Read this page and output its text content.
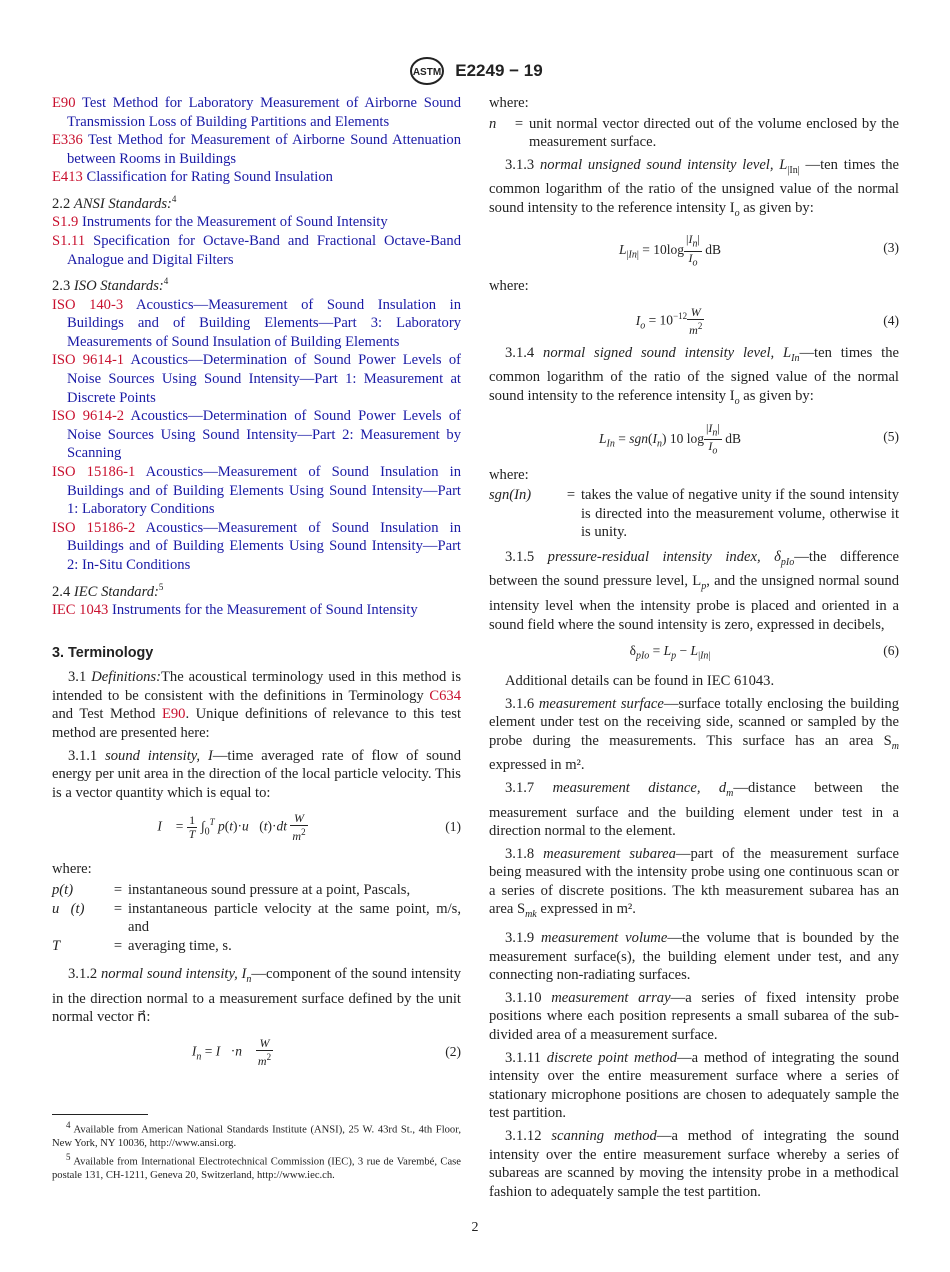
ASTM E2249 − 19

E90 Test Method for Laboratory Measurement of Airborne Sound Transmission Loss of Building Partitions and Elements

E336 Test Method for Measurement of Airborne Sound Attenuation between Rooms in Buildings

E413 Classification for Rating Sound Insulation

2.2 ANSI Standards:$^4$

S1.9 Instruments for the Measurement of Sound Intensity

S1.11 Specification for Octave-Band and Fractional Octave-Band Analogue and Digital Filters

2.3 ISO Standards:$^4$

ISO 140-3 Acoustics—Measurement of Sound Insulation in Buildings and of Building Elements—Part 3: Laboratory Measurements of Sound Insulation of Building Elements

ISO 9614-1 Acoustics—Determination of Sound Power Levels of Noise Sources Using Sound Intensity—Part 1: Measurement at Discrete Points

ISO 9614-2 Acoustics—Determination of Sound Power Levels of Noise Sources Using Sound Intensity—Part 2: Measurement by Scanning

ISO 15186-1 Acoustics—Measurement of Sound Insulation in Buildings and of Building Elements Using Sound Intensity—Part 1: Laboratory Conditions

ISO 15186-2 Acoustics—Measurement of Sound Insulation in Buildings and of Building Elements Using Sound Intensity—Part 2: In-Situ Conditions

2.4 IEC Standard:$^5$

IEC 1043 Instruments for the Measurement of Sound Intensity

3. Terminology

3.1 Definitions:The acoustical terminology used in this method is intended to be consistent with the definitions in Terminology C634 and Test Method E90. Unique definitions of relevance to this test method are presented here:

3.1.1 sound intensity, I—time averaged rate of flow of sound energy per unit area in the direction of the local particle velocity. This is a vector quantity which is equal to:

I⃗ = $\frac{1}{T} \int_0^T$ p(t)·u⃗(t)·dt $\frac{W}{m^2}$	(1)

where:

p(t)	=	instantaneous sound pressure at a point, Pascals,
u⃗(t)	=	instantaneous particle velocity at the same point, m/s, and
T	=	averaging time, s.

3.1.2 normal sound intensity, $I_n—component$ of the sound intensity in the direction normal to a measurement surface defined by the unit normal vector n⃗:

$I_n$ = I⃗·n⃗ $\frac{W}{m^2}$	(2)

$^4$ Available from American National Standards Institute (ANSI), 25 W. 43rd St., 4th Floor, New York, NY 10036, http://www.ansi.org.

$^5$ Available from International Electrotechnical Commission (IEC), 3 rue de Varembé, Case postale 131, CH-1211, Geneva 20, Switzerland, http://www.iec.ch.

where:

n⃗	=	unit normal vector directed out of the volume enclosed by the measurement surface.

3.1.3 normal unsigned sound intensity level, $L_{|In|}$ —ten times the common logarithm of the ratio of the unsigned value of the normal sound intensity to the reference intensity $I_o$ as given by:

$L_{|In|} = 10\log \frac{|I_n|}{I_o}$ dB	(3)

where:

$I_o = 10^{-12} \frac{W}{m^2}$	(4)

3.1.4 normal signed sound intensity level, $L_{In}—ten$ times the common logarithm of the ratio of the signed value of the normal sound intensity to the reference intensity $I_o$ as given by:

$L_{In} = sgn(I_n)$ 10 $\log \frac{|I_n|}{I_o}$ dB	(5)

where:

sgn(In)	=	takes the value of negative unity if the sound intensity is directed into the measurement volume, otherwise it is unity.

3.1.5 pressure-residual intensity index, $\delta_{pIo}—the$ difference between the sound pressure level, $L_p$, and the unsigned normal sound intensity level when the intensity probe is placed and oriented in a sound field where the sound intensity is zero, expressed in decibels,

$\delta_{pIo} = L_p - L_{|In|}$	(6)

Additional details can be found in IEC 61043.

3.1.6 measurement surface—surface totally enclosing the building element under test on the receiving side, scanned or sampled by the probe during the measurements. This surface has an area $S_m$ expressed in m².

3.1.7 measurement distance, $d_m—distance$ between the measurement surface and the building element under test in a direction normal to the element.

3.1.8 measurement subarea—part of the measurement surface being measured with the intensity probe using one continuous scan or a series of discrete positions. The kth measurement subarea has an area $S_{mk}$ expressed in m².

3.1.9 measurement volume—the volume that is bounded by the measurement surface(s), the building element under test, and any connecting non-radiating surfaces.

3.1.10 measurement array—a series of fixed intensity probe positions where each position represents a small subarea of the sub-divided area of a measurement surface.

3.1.11 discrete point method—a method of integrating the sound intensity over the entire measurement surface where a series of stationary microphone positions are chosen to adequately sample the test partition.

3.1.12 scanning method—a method of integrating the sound intensity over the entire measurement surface whereby a series of subareas are scanned by moving the intensity probe in a methodical fashion to adequately sample the test partition.

2
